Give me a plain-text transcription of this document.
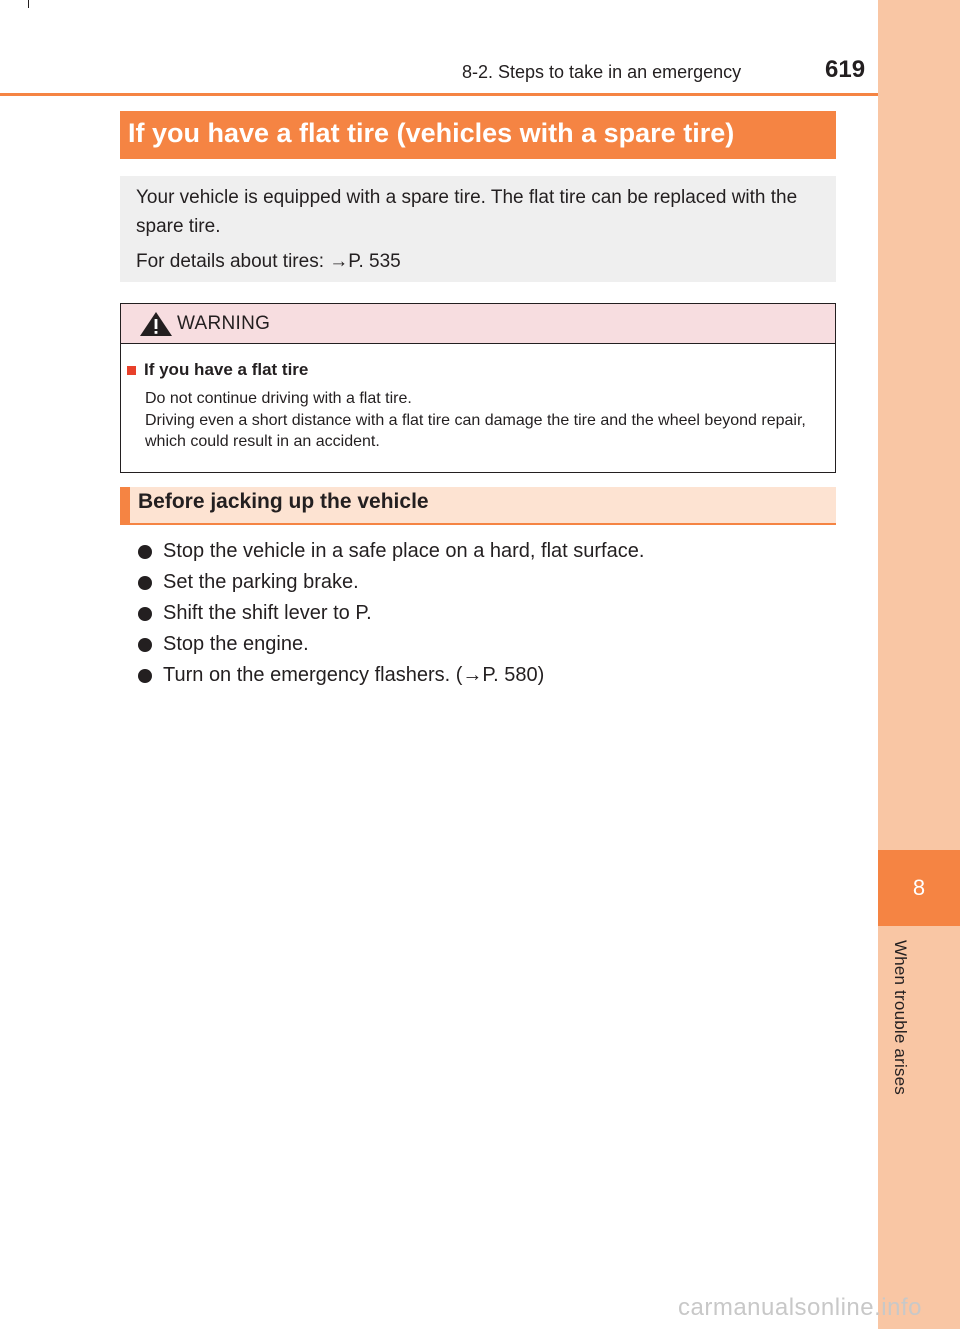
8
When trouble arises
8-2. Steps to take in an emergency	619
If you have a flat tire (vehicles with a spare tire)

Your vehicle is equipped with a spare tire. The flat tire can be replaced with the spare tire.

For details about tires: →P. 535

WARNING
If you have a flat tire
Do not continue driving with a flat tire.
Driving even a short distance with a flat tire can damage the tire and the wheel beyond repair, which could result in an accident.
Before jacking up the vehicle
Stop the vehicle in a safe place on a hard, flat surface.
Set the parking brake.
Shift the shift lever to P.
Stop the engine.
Turn on the emergency flashers. (→P. 580)
carmanualsonline.info
